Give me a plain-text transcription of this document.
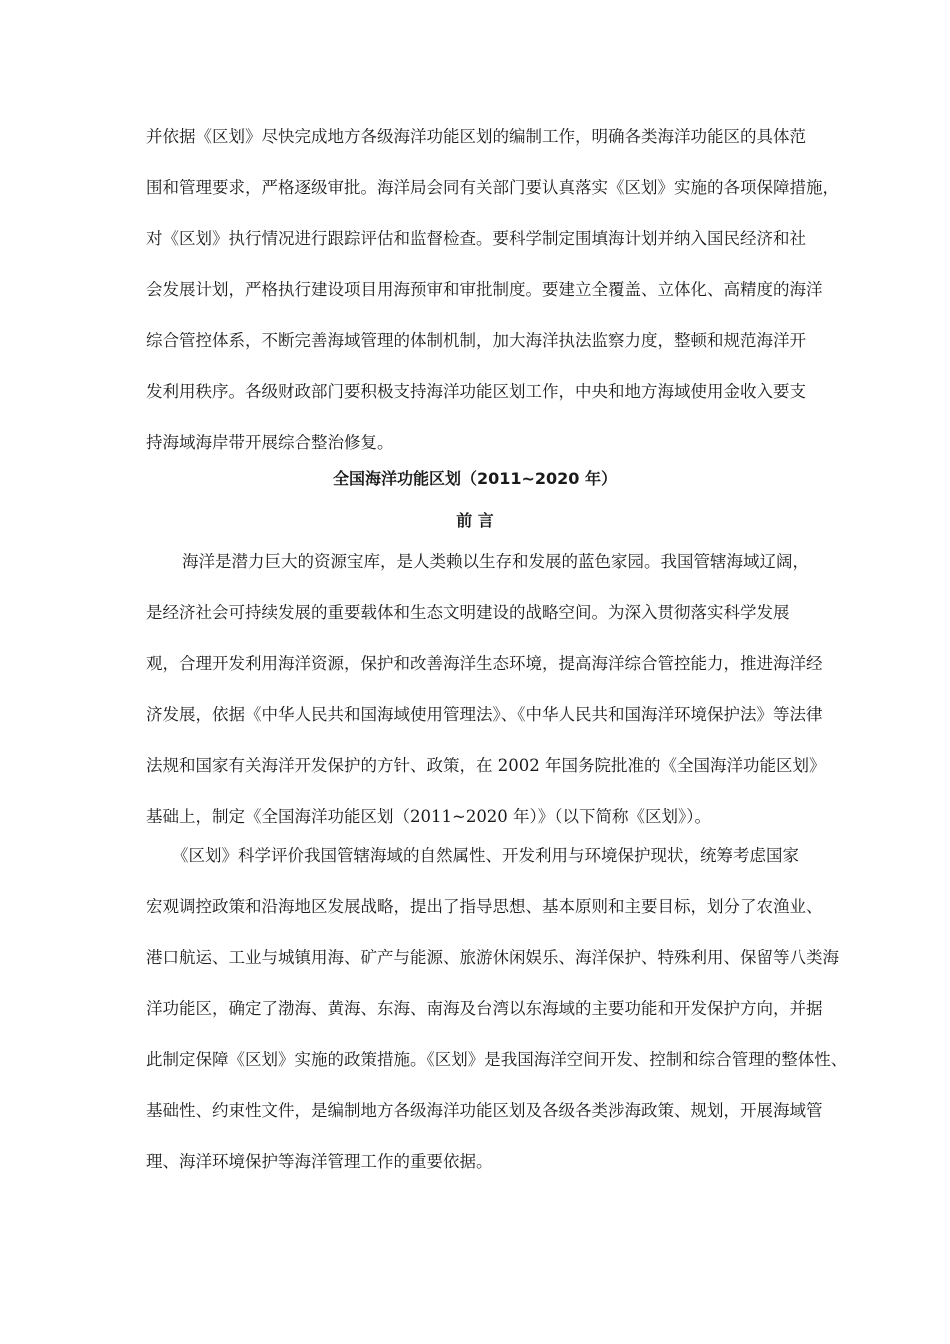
并依据《区划》尽快完成地方各级海洋功能区划的编制工作，明确各类海洋功能区的具体范
围和管理要求，严格逐级审批。海洋局会同有关部门要认真落实《区划》实施的各项保障措施，
对《区划》执行情况进行跟踪评估和监督检查。要科学制定围填海计划并纳入国民经济和社
会发展计划，严格执行建设项目用海预审和审批制度。要建立全覆盖、立体化、高精度的海洋
综合管控体系，不断完善海域管理的体制机制，加大海洋执法监察力度，整顿和规范海洋开
发利用秩序。各级财政部门要积极支持海洋功能区划工作，中央和地方海域使用金收入要支
持海域海岸带开展综合整治修复。
全国海洋功能区划（2011~2020 年）
前 言
海洋是潜力巨大的资源宝库，是人类赖以生存和发展的蓝色家园。我国管辖海域辽阔，
是经济社会可持续发展的重要载体和生态文明建设的战略空间。为深入贯彻落实科学发展
观，合理开发利用海洋资源，保护和改善海洋生态环境，提高海洋综合管控能力，推进海洋经
济发展，依据《中华人民共和国海域使用管理法》、《中华人民共和国海洋环境保护法》等法律
法规和国家有关海洋开发保护的方针、政策，在 2002 年国务院批准的《全国海洋功能区划》
基础上，制定《全国海洋功能区划（2011~2020 年）》（以下简称《区划》）。
《区划》科学评价我国管辖海域的自然属性、开发利用与环境保护现状，统筹考虑国家
宏观调控政策和沿海地区发展战略，提出了指导思想、基本原则和主要目标，划分了农渔业、
港口航运、工业与城镇用海、矿产与能源、旅游休闲娱乐、海洋保护、特殊利用、保留等八类海
洋功能区，确定了渤海、黄海、东海、南海及台湾以东海域的主要功能和开发保护方向，并据
此制定保障《区划》实施的政策措施。《区划》是我国海洋空间开发、控制和综合管理的整体性、
基础性、约束性文件，是编制地方各级海洋功能区划及各级各类涉海政策、规划，开展海域管
理、海洋环境保护等海洋管理工作的重要依据。
